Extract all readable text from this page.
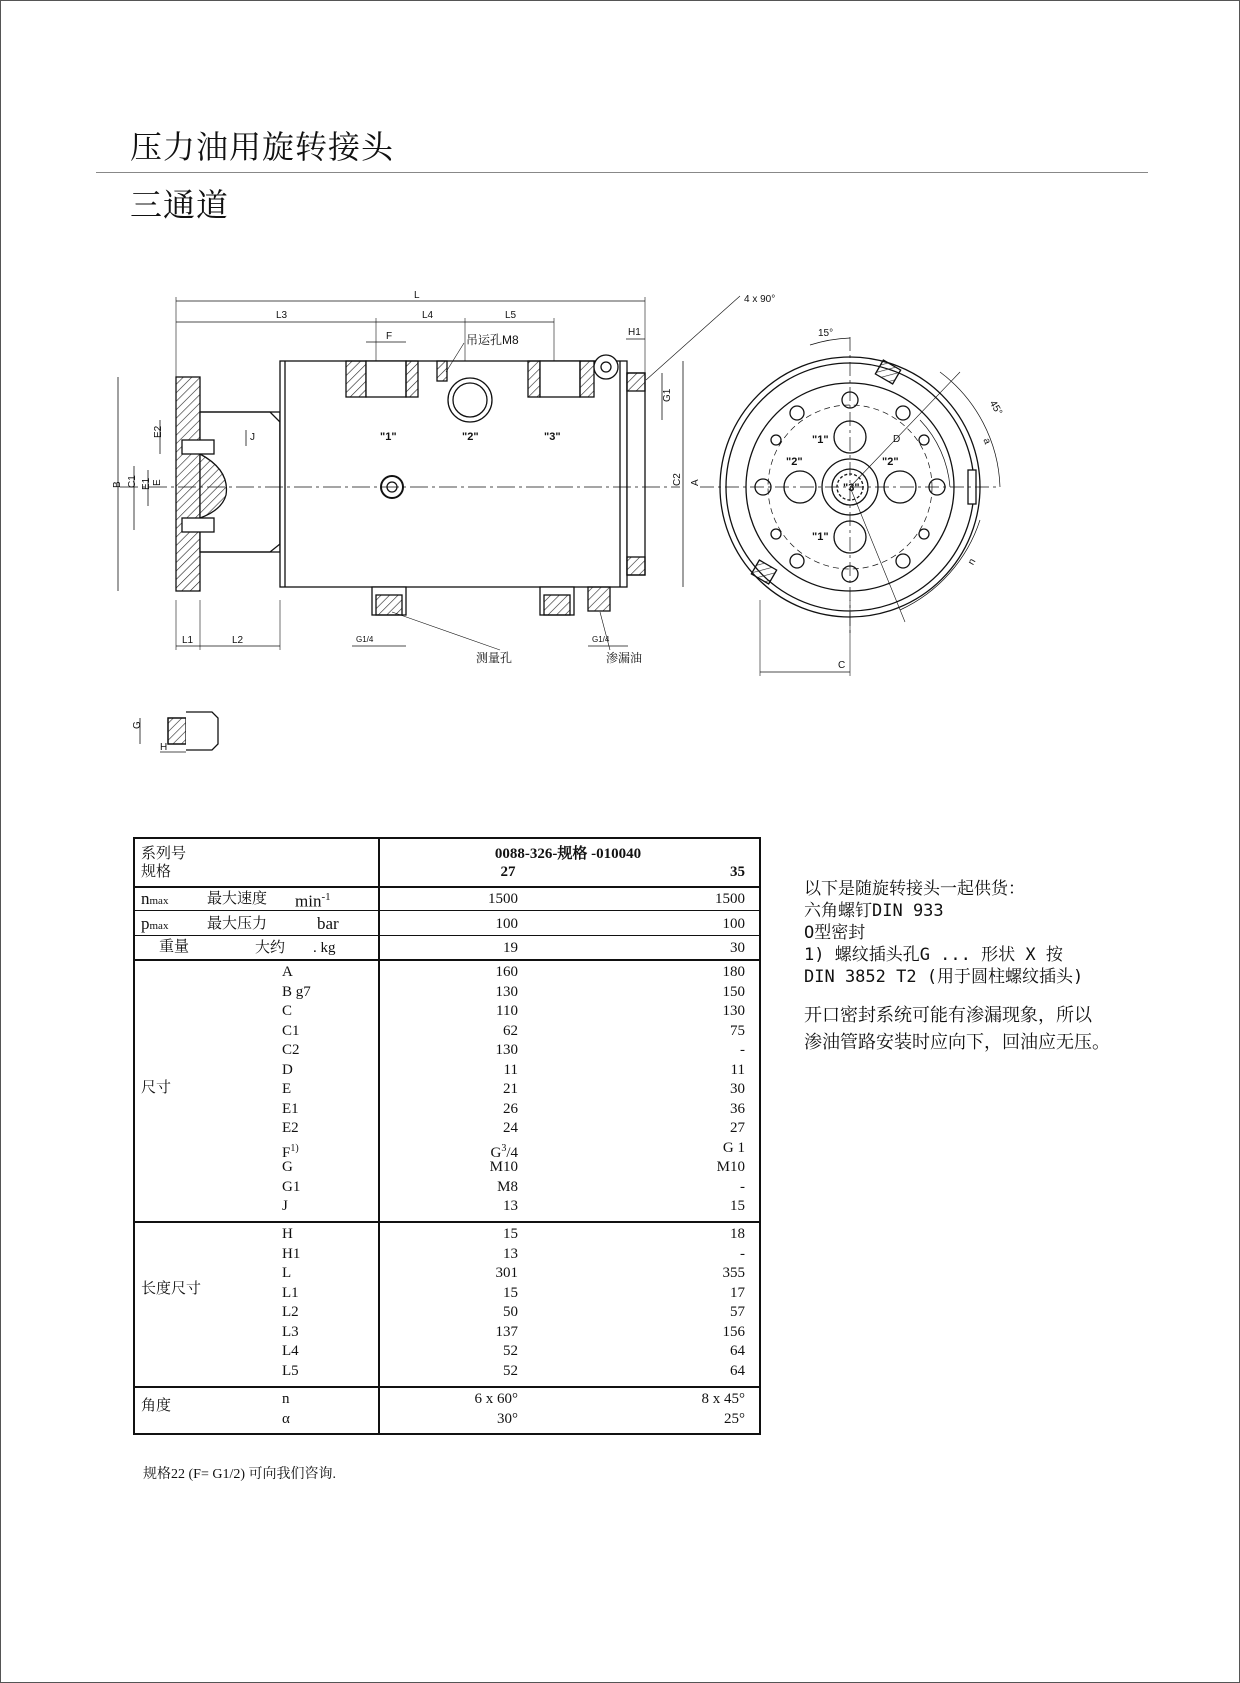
压力油用旋转接头
三通道
L
L3	L4	L5
F	H1
4 x 90°
15°
45°
a
n
D
B C1
E2	J
E
E1	C2 A
G1
L1	L2	G1/4	G1/4
C
G
H
吊运孔M8
测量孔	渗漏油
"1"	"2"	"3"	"1"
"2"	"2"
"3"
"1"
系列号
规格
0088-326-规格 -010040
27	35
nmax	最大速度 $\min^{-1}$	1500	1500
pmax	最大压力	bar	100	100
重量	大约 . kg	19	30
尺寸
A	160	180
B g7	130	150
C	110	130
C1	62	75
C2	130	-
D	11	11
E	21	30
E1	26	36
E2	24	27
$F^{1)}$	$G^3/4$	G 1
G	M10	M10
G1	M8	-
J	13	15
长度尺寸
H	15	18
H1	13	-
L	301	355
L1	15	17
L2	50	57
L3	137	156
L4	52	64
L5	52	64
角度	n	6 x 60°	8 x 45°
α	30°	25°
以下是随旋转接头一起供货：
六角螺钉DIN 933
O型密封
1) 螺纹插头孔G ... 形状 X 按
DIN 3852 T2 (用于圆柱螺纹插头)
开口密封系统可能有渗漏现象，所以
渗油管路安装时应向下，回油应无压。
规格22 (F= G1/2) 可向我们咨询.
